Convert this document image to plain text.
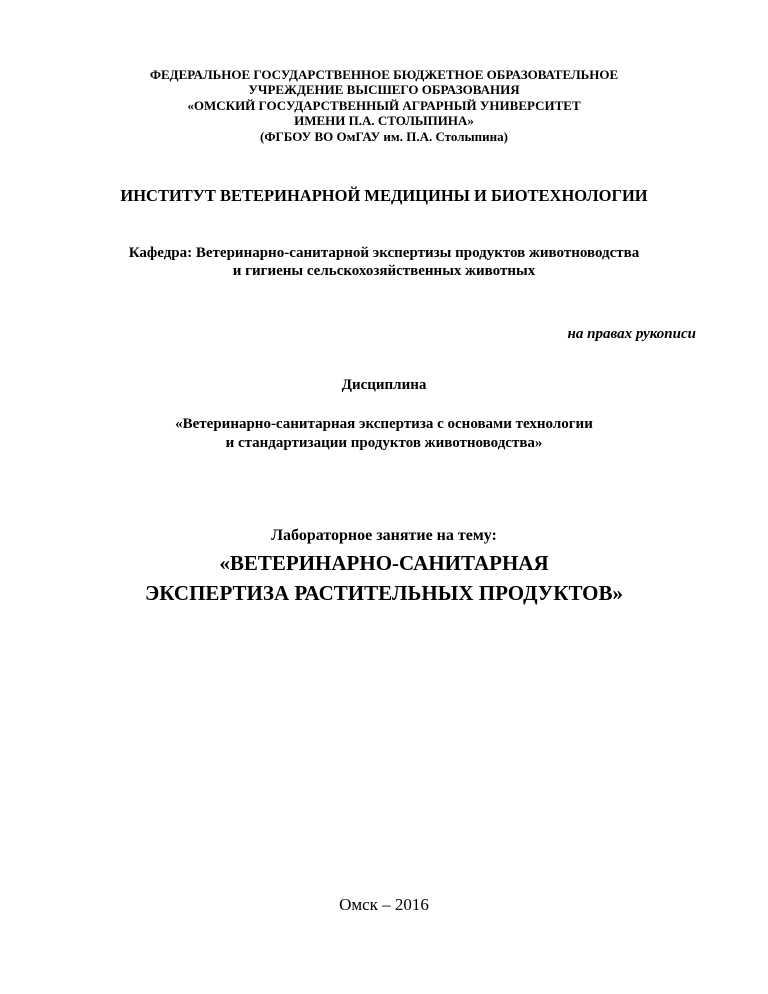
ФЕДЕРАЛЬНОЕ ГОСУДАРСТВЕННОЕ БЮДЖЕТНОЕ ОБРАЗОВАТЕЛЬНОЕ
УЧРЕЖДЕНИЕ ВЫСШЕГО ОБРАЗОВАНИЯ
«ОМСКИЙ ГОСУДАРСТВЕННЫЙ АГРАРНЫЙ УНИВЕРСИТЕТ
ИМЕНИ П.А. СТОЛЫПИНА»
(ФГБОУ ВО ОмГАУ им. П.А. Столыпина)
ИНСТИТУТ ВЕТЕРИНАРНОЙ МЕДИЦИНЫ И БИОТЕХНОЛОГИИ
Кафедра: Ветеринарно-санитарной экспертизы продуктов животноводства
и гигиены сельскохозяйственных животных
на правах рукописи
Дисциплина
«Ветеринарно-санитарная экспертиза с основами технологии
и стандартизации продуктов животноводства»
Лабораторное занятие на тему:
«ВЕТЕРИНАРНО-САНИТАРНАЯ
ЭКСПЕРТИЗА РАСТИТЕЛЬНЫХ ПРОДУКТОВ»
Омск – 2016
